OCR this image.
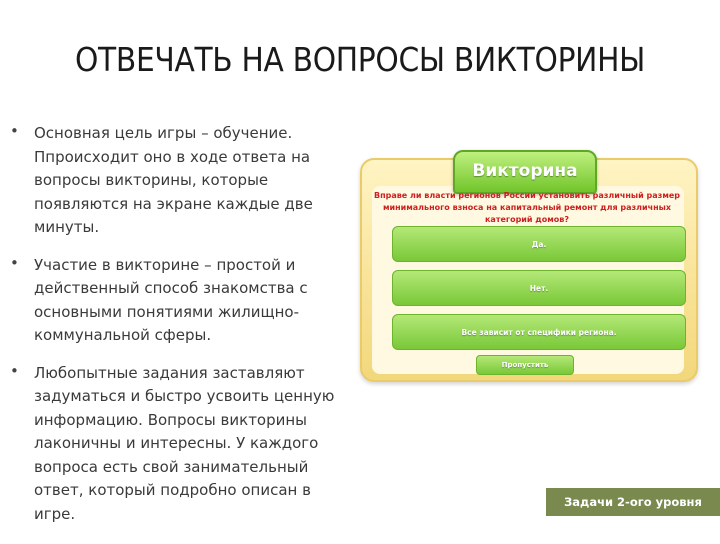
ОТВЕЧАТЬ НА ВОПРОСЫ ВИКТОРИНЫ
• Основная цель игры – обучение. Ппроисходит оно в ходе ответа на вопросы викторины, которые появляются на экране каждые две минуты.
• Участие в викторине – простой и действенный способ знакомства с основными понятиями жилищно-коммунальной сферы.
• Любопытные задания заставляют задуматься и быстро усвоить ценную информацию. Вопросы викторины лаконичны и интересны. У каждого вопроса есть свой занимательный ответ, который подробно описан в игре.
Викторина
Вправе ли власти регионов России установить различный размер минимального взноса на капитальный ремонт для различных категорий домов?
Да.
Нет.
Все зависит от специфики региона.
Пропустить
Задачи 2-ого уровня игры
